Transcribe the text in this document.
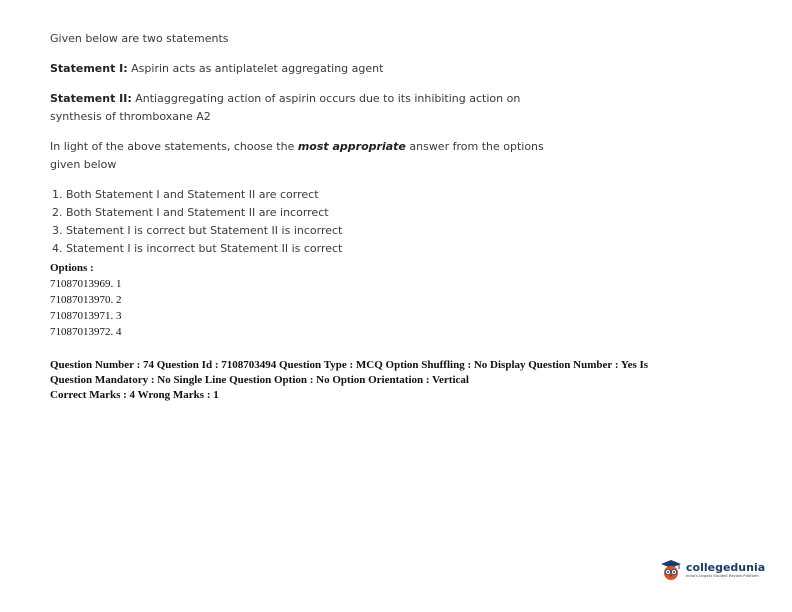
Given below are two statements

Statement I: Aspirin acts as antiplatelet aggregating agent

Statement II: Antiaggregating action of aspirin occurs due to its inhibiting action on synthesis of thromboxane A2

In light of the above statements, choose the most appropriate answer from the options given below

1. Both Statement I and Statement II are correct
2. Both Statement I and Statement II are incorrect
3. Statement I is correct but Statement II is incorrect
4. Statement I is incorrect but Statement II is correct
Options :
71087013969. 1
71087013970. 2
71087013971. 3
71087013972. 4
Question Number : 74 Question Id : 7108703494 Question Type : MCQ Option Shuffling : No Display Question Number : Yes Is
Question Mandatory : No Single Line Question Option : No Option Orientation : Vertical
Correct Marks : 4 Wrong Marks : 1
collegedunia
India's largest Student Review Platform
